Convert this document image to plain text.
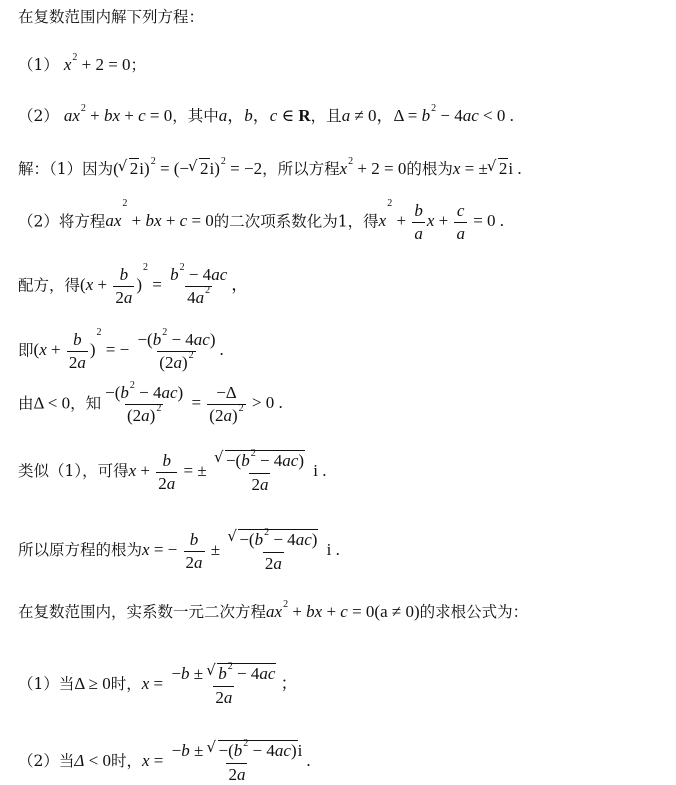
在复数范围内解下列方程：
（1） $x^2 + 2 = 0$；
（2） $ax^2$ + bx + c = 0，其中a，b，c ∈ R，且a ≠ 0，$\Delta = b^2 - 4ac < 0$ .
解：（1）因为( √ 2i)$^2$ = (− √ 2i)$^2$ = −2，所以方程$x^2 + 2 = 0$的根为x = ± √ 2i .
（2）将方程$ax^2$ + bx + c = 0的二次项系数化为1，得$x^2 + \frac{b}{a}$ $x + \frac{c}{a} = 0$ .
配方，得$(x + \frac{b}{2a} )^2 = \frac{b^2 - 4ac}{4a^2}$ ，
即$(x + \frac{b}{2a} )^2$ = − $\frac{-(b^2 - 4ac)}{(2a)^2}$ .
由Δ < 0，知 $\frac{-(b^2 - 4ac)}{(2a)^2} = \frac{-\Delta}{(2a)^2} > 0$ .
类似（1），可得$x + \frac{b}{2a}$ = ± √ $\frac{-(b^2 - 4ac)}{2a}$ i .
所以原方程的根为x = − $\frac{b}{2a}$ ± √ $\frac{-(b^2 - 4ac)}{2a}$ i .
在复数范围内，实系数一元二次方程$ax^2$ + bx + c = 0(a ≠ 0)的求根公式为：
（1）当Δ ≥ 0时，$x = \frac{-b \pm √ b^2 - 4ac}{2a}$ ；
（2）当Δ < 0时，$x = \frac{-b \pm √ -(b^2 - 4ac)i}{2a}$ .
